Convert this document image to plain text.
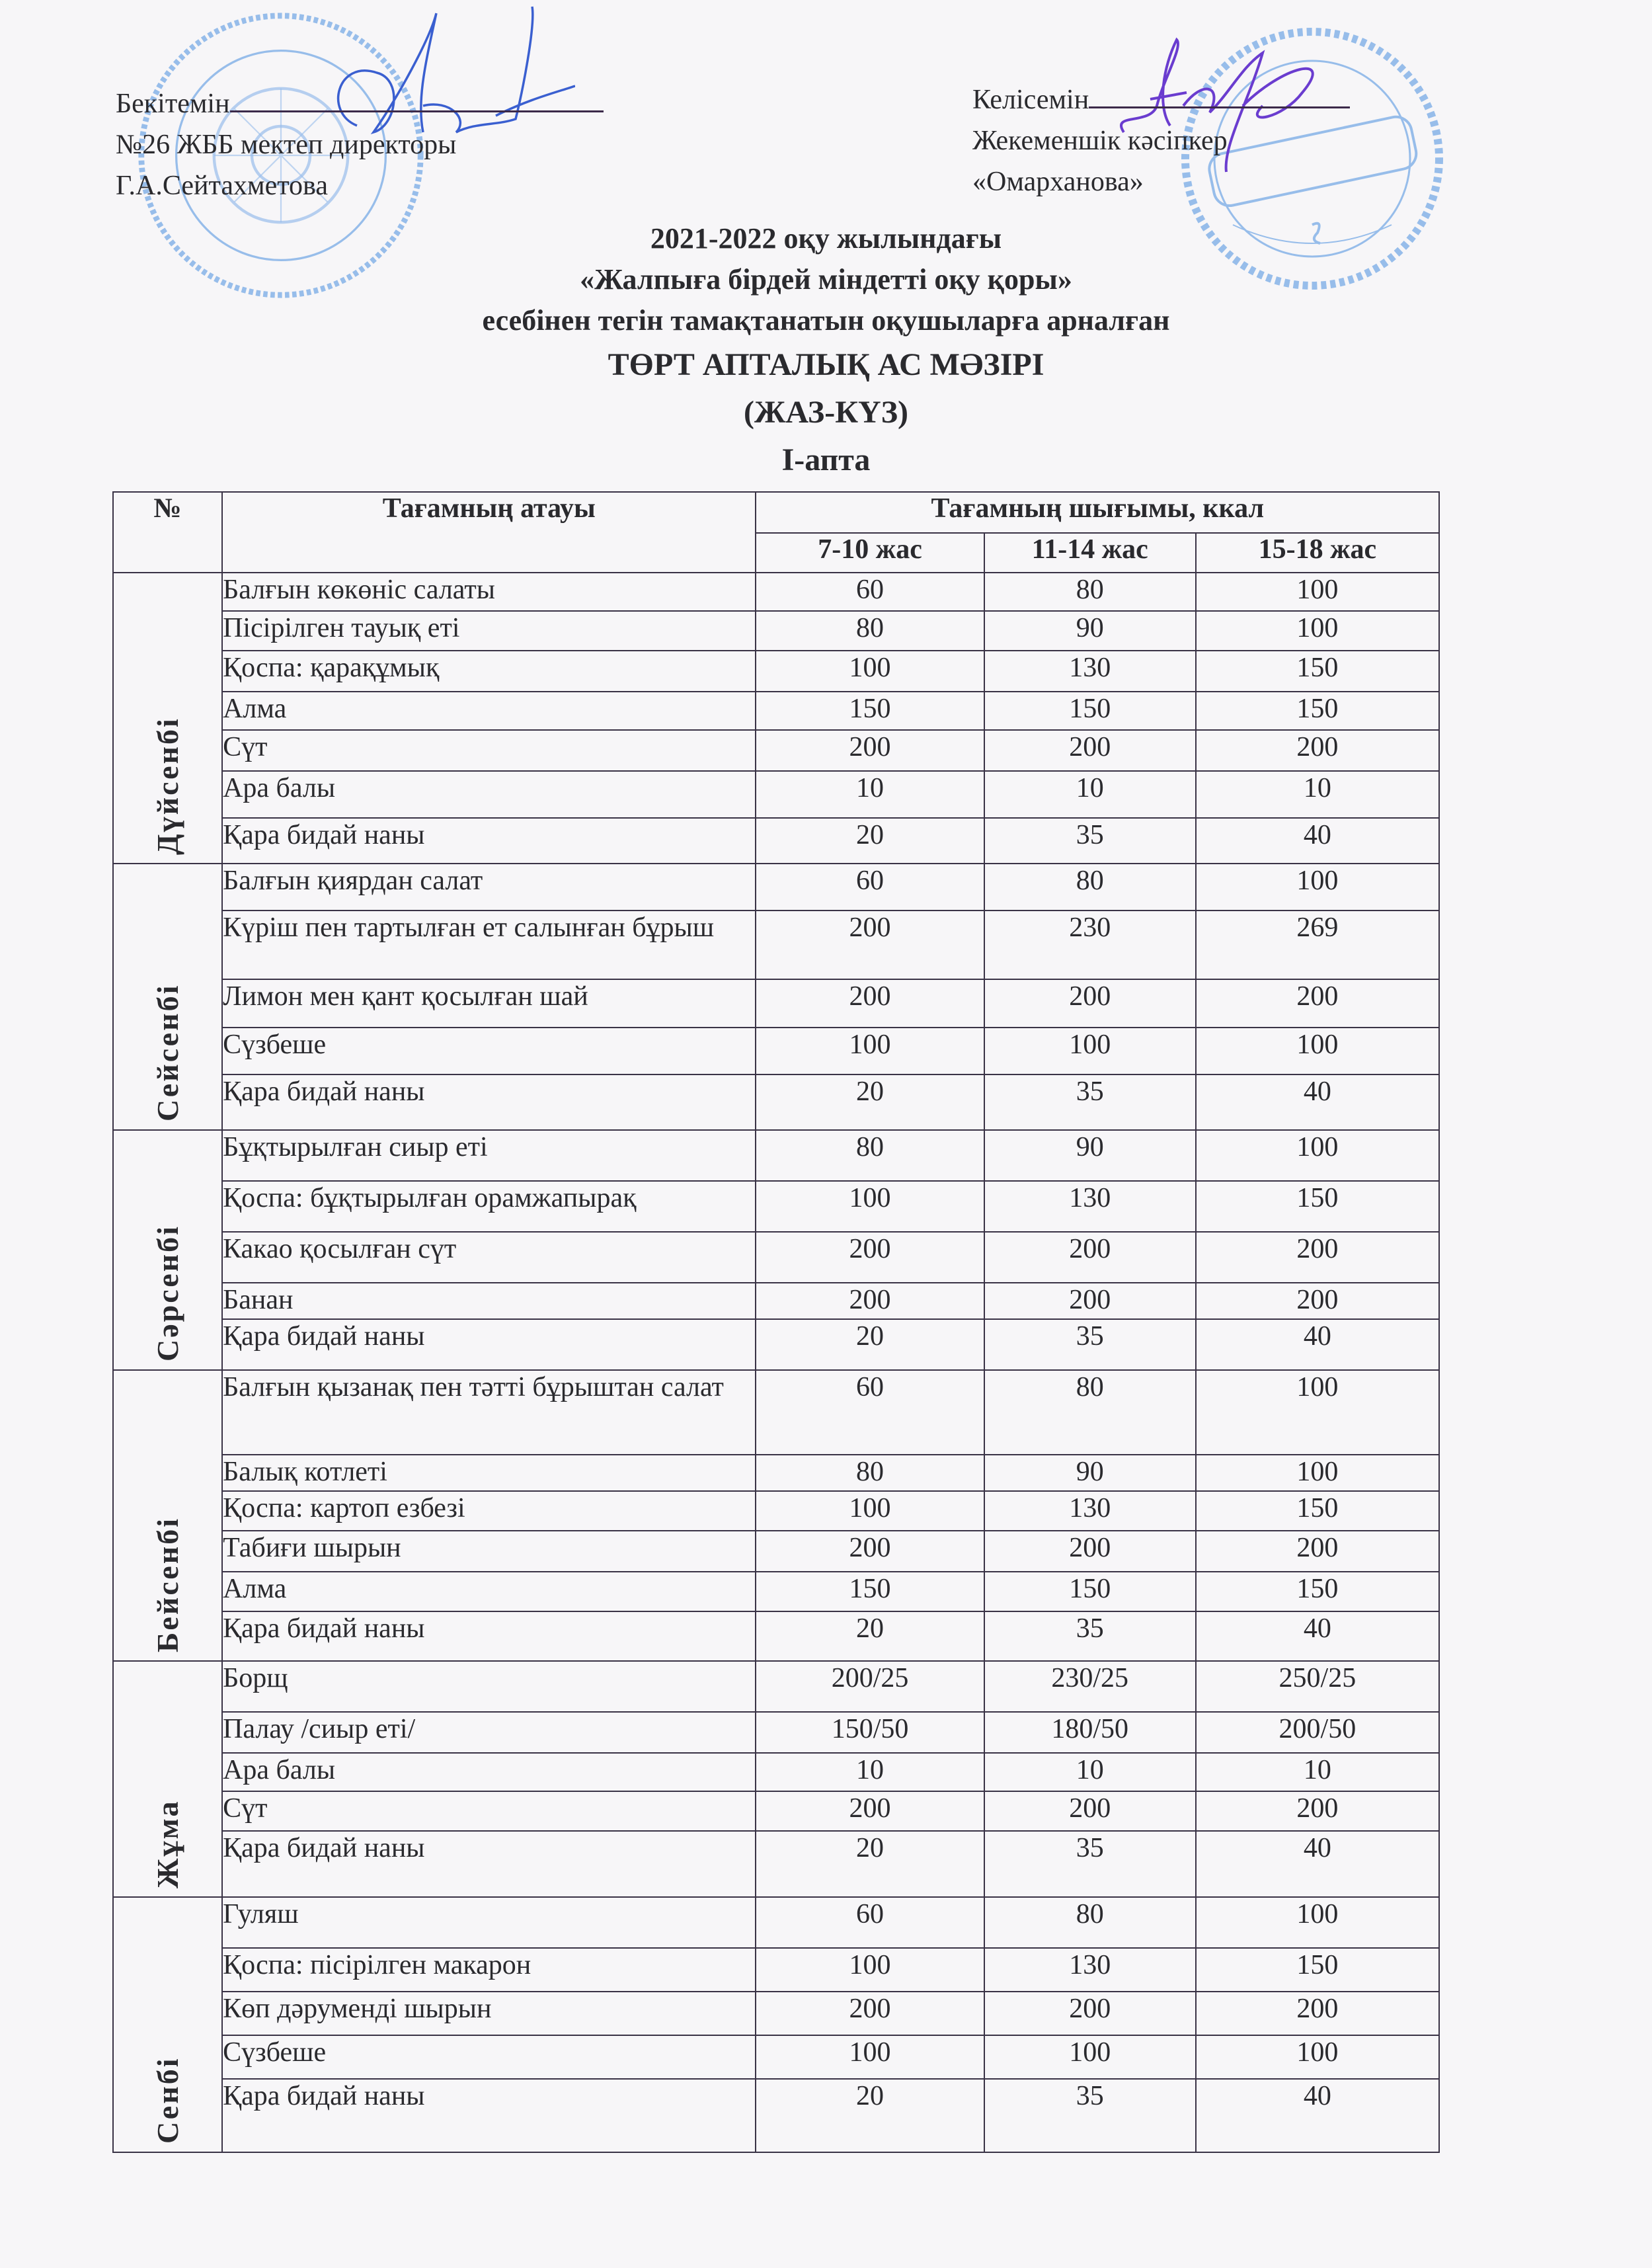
Бекітемін
№26 ЖББ мектеп директоры
Г.А.Сейтахметова
Келісемін
Жекеменшік кәсіпкер
«Омарханова»
2021-2022 оқу жылындағы
«Жалпыға бірдей міндетті оқу қоры»
есебінен тегін тамақтанатын оқушыларға арналған
ТӨРТ АПТАЛЫҚ АС МӘЗІРІ
(ЖАЗ-КҮЗ)
І-апта
№	Тағамның атауы	Тағамның шығымы, ккал		
		7-10 жас	11-14 жас	15-18 жас

Дүйсенбі	Балғын көкөніс салаты	60	80	100
	Пісірілген тауық еті	80	90	100
	Қоспа: қарақұмық	100	130	150
	Алма	150	150	150
	Сүт	200	200	200
	Ара балы	10	10	10
	Қара бидай наны	20	35	40

Сейсенбі	Балғын қиярдан салат	60	80	100
	Күріш пен тартылған ет салынған бұрыш	200	230	269
	Лимон мен қант қосылған шай	200	200	200
	Сүзбеше	100	100	100
	Қара бидай наны	20	35	40

Сәрсенбі	Бұқтырылған сиыр еті	80	90	100
	Қоспа: бұқтырылған орамжапырақ	100	130	150
	Какао қосылған сүт	200	200	200
	Банан	200	200	200
	Қара бидай наны	20	35	40

Бейсенбі	Балғын қызанақ пен тәтті бұрыштан салат	60	80	100
	Балық котлеті	80	90	100
	Қоспа: картоп езбезі	100	130	150
	Табиғи шырын	200	200	200
	Алма	150	150	150
	Қара бидай наны	20	35	40

Жұма	Борщ	200/25	230/25	250/25
	Палау /сиыр еті/	150/50	180/50	200/50
	Ара балы	10	10	10
	Сүт	200	200	200
	Қара бидай наны	20	35	40

Сенбі	Гуляш	60	80	100
	Қоспа: пісірілген макарон	100	130	150
	Көп дәруменді шырын	200	200	200
	Сүзбеше	100	100	100
	Қара бидай наны	20	35	40
